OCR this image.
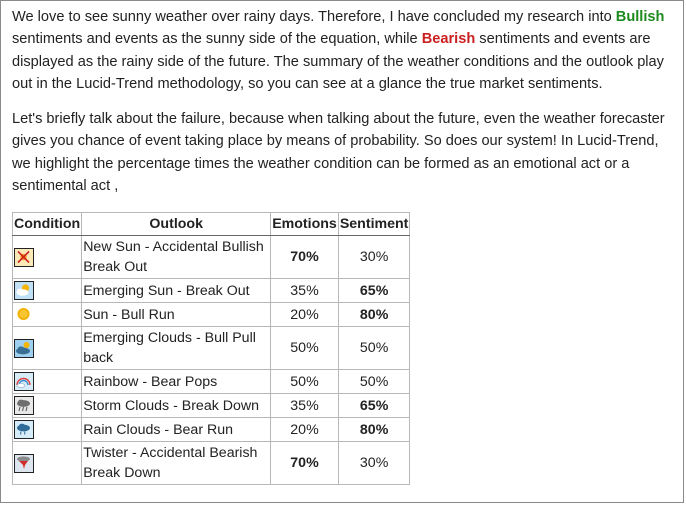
We love to see sunny weather over rainy days. Therefore, I have concluded my research into Bullish sentiments and events as the sunny side of the equation, while Bearish sentiments and events are displayed as the rainy side of the future. The summary of the weather conditions and the outlook play out in the Lucid-Trend methodology, so you can see at a glance the true market sentiments.

Let's briefly talk about the failure, because when talking about the future, even the weather forecaster gives you chance of event taking place by means of probability. So does our system! In Lucid-Trend, we highlight the percentage times the weather condition can be formed as an emotional act or a sentimental act ,

Condition	Outlook	Emotions	Sentiment

	New Sun - Accidental Bullish Break Out	70%	30%

	Emerging Sun - Break Out	35%	65%

	Sun - Bull Run	20%	80%

	Emerging Clouds - Bull Pull back	50%	50%

	Rainbow - Bear Pops	50%	50%

	Storm Clouds - Break Down	35%	65%

	Rain Clouds - Bear Run	20%	80%

	Twister - Accidental Bearish Break Down	70%	30%
